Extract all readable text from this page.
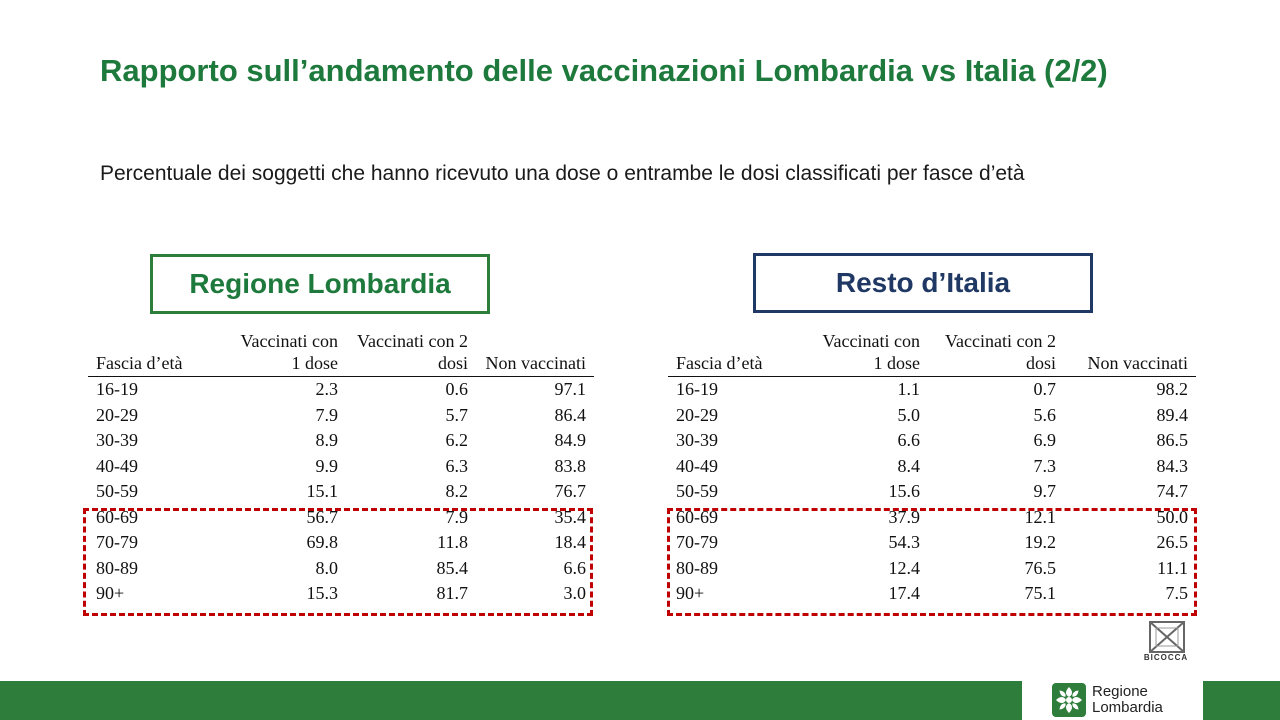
Rapporto sull’andamento delle vaccinazioni Lombardia vs Italia (2/2)
Percentuale dei soggetti che hanno ricevuto una dose o entrambe le dosi classificati per fasce d’età
Regione Lombardia	Resto d’Italia
Fascia d’età	Vaccinati con 1 dose	Vaccinati con 2 dosi	Non vaccinati
16-19	2.3	0.6	97.1
20-29	7.9	5.7	86.4
30-39	8.9	6.2	84.9
40-49	9.9	6.3	83.8
50-59	15.1	8.2	76.7
60-69	56.7	7.9	35.4
70-79	69.8	11.8	18.4
80-89	8.0	85.4	6.6
90+	15.3	81.7	3.0
Fascia d’età	Vaccinati con 1 dose	Vaccinati con 2 dosi	Non vaccinati
16-19	1.1	0.7	98.2
20-29	5.0	5.6	89.4
30-39	6.6	6.9	86.5
40-49	8.4	7.3	84.3
50-59	15.6	9.7	74.7
60-69	37.9	12.1	50.0
70-79	54.3	19.2	26.5
80-89	12.4	76.5	11.1
90+	17.4	75.1	7.5
BICOCCA
Regione
Lombardia
